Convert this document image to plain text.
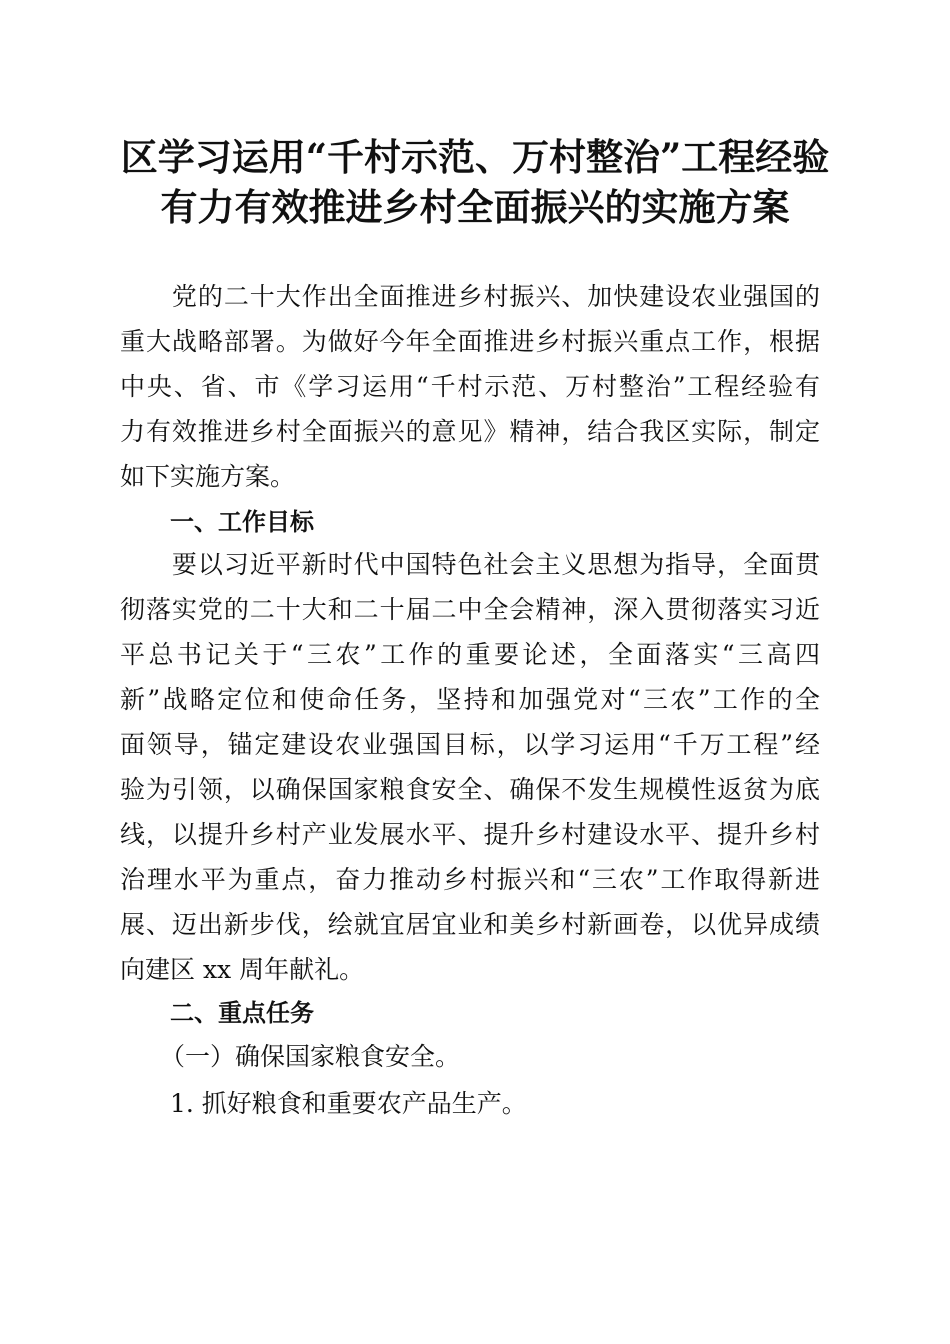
区学习运用“千村示范、万村整治”工程经验
有力有效推进乡村全面振兴的实施方案
　　党的二十大作出全面推进乡村振兴、加快建设农业强国的
重大战略部署。为做好今年全面推进乡村振兴重点工作，根据
中央、省、市《学习运用“千村示范、万村整治”工程经验有
力有效推进乡村全面振兴的意见》精神，结合我区实际，制定
如下实施方案。
一、工作目标
　　要以习近平新时代中国特色社会主义思想为指导，全面贯
彻落实党的二十大和二十届二中全会精神，深入贯彻落实习近
平总书记关于“三农”工作的重要论述，全面落实“三高四
新”战略定位和使命任务，坚持和加强党对“三农”工作的全
面领导，锚定建设农业强国目标，以学习运用“千万工程”经
验为引领，以确保国家粮食安全、确保不发生规模性返贫为底
线，以提升乡村产业发展水平、提升乡村建设水平、提升乡村
治理水平为重点，奋力推动乡村振兴和“三农”工作取得新进
展、迈出新步伐，绘就宜居宜业和美乡村新画卷，以优异成绩
向建区 xx 周年献礼。
二、重点任务
（一）确保国家粮食安全。
1. 抓好粮食和重要农产品生产。
